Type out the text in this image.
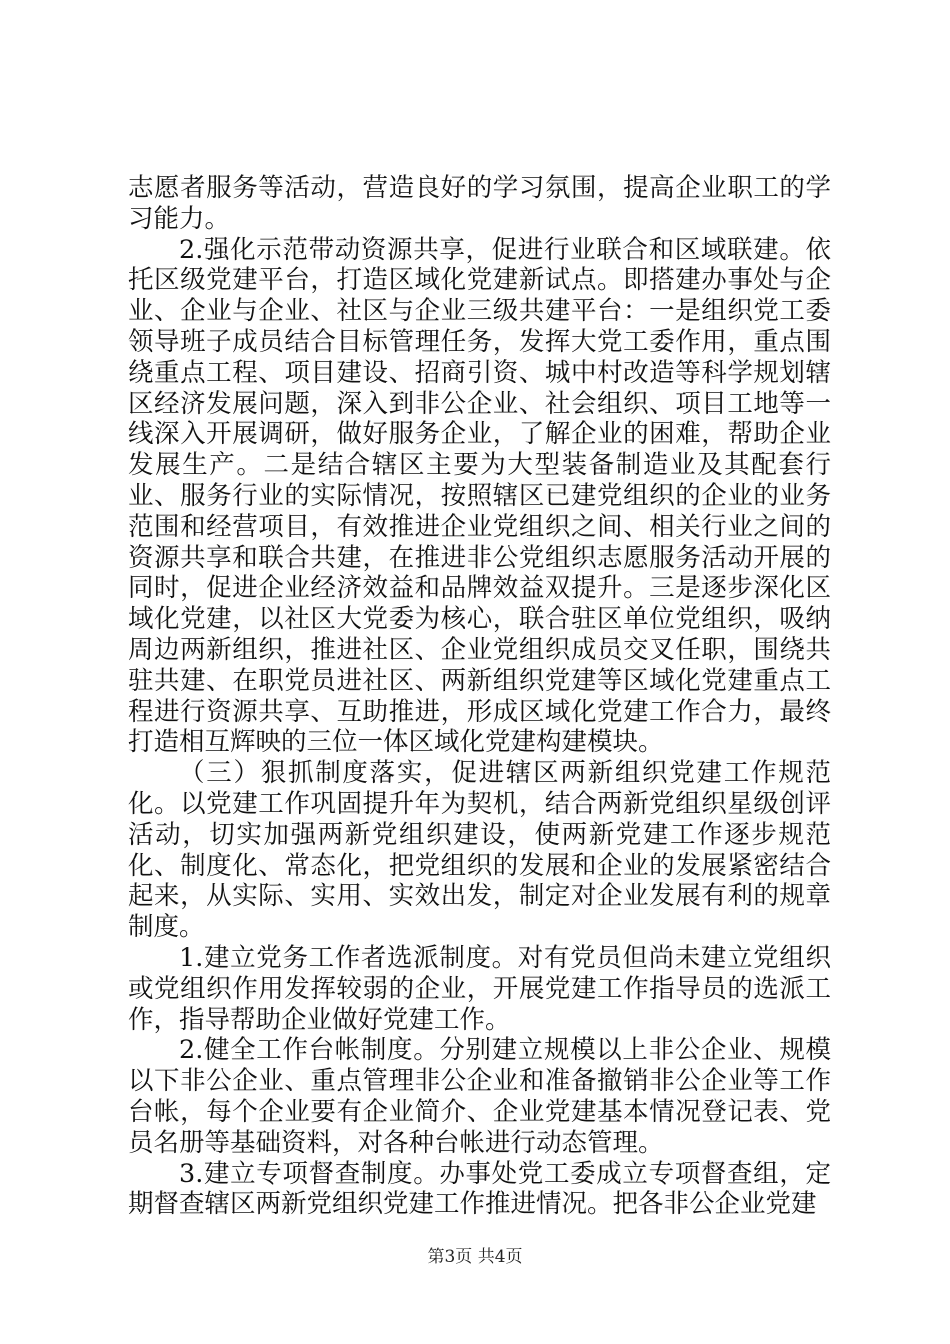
志愿者服务等活动，营造良好的学习氛围，提高企业职工的学习能力。

2.强化示范带动资源共享，促进行业联合和区域联建。依托区级党建平台，打造区域化党建新试点。即搭建办事处与企业、企业与企业、社区与企业三级共建平台：一是组织党工委领导班子成员结合目标管理任务，发挥大党工委作用，重点围绕重点工程、项目建设、招商引资、城中村改造等科学规划辖区经济发展问题，深入到非公企业、社会组织、项目工地等一线深入开展调研，做好服务企业，了解企业的困难，帮助企业发展生产。二是结合辖区主要为大型装备制造业及其配套行业、服务行业的实际情况，按照辖区已建党组织的企业的业务范围和经营项目，有效推进企业党组织之间、相关行业之间的资源共享和联合共建，在推进非公党组织志愿服务活动开展的同时，促进企业经济效益和品牌效益双提升。三是逐步深化区域化党建，以社区大党委为核心，联合驻区单位党组织，吸纳周边两新组织，推进社区、企业党组织成员交叉任职，围绕共驻共建、在职党员进社区、两新组织党建等区域化党建重点工程进行资源共享、互助推进，形成区域化党建工作合力，最终打造相互辉映的三位一体区域化党建构建模块。

（三）狠抓制度落实，促进辖区两新组织党建工作规范化。以党建工作巩固提升年为契机，结合两新党组织星级创评活动，切实加强两新党组织建设，使两新党建工作逐步规范化、制度化、常态化，把党组织的发展和企业的发展紧密结合起来，从实际、实用、实效出发，制定对企业发展有利的规章制度。

1.建立党务工作者选派制度。对有党员但尚未建立党组织或党组织作用发挥较弱的企业，开展党建工作指导员的选派工作，指导帮助企业做好党建工作。

2.健全工作台帐制度。分别建立规模以上非公企业、规模以下非公企业、重点管理非公企业和准备撤销非公企业等工作台帐，每个企业要有企业简介、企业党建基本情况登记表、党员名册等基础资料，对各种台帐进行动态管理。

3.建立专项督查制度。办事处党工委成立专项督查组，定期督查辖区两新党组织党建工作推进情况。把各非公企业党建

第3页 共4页
